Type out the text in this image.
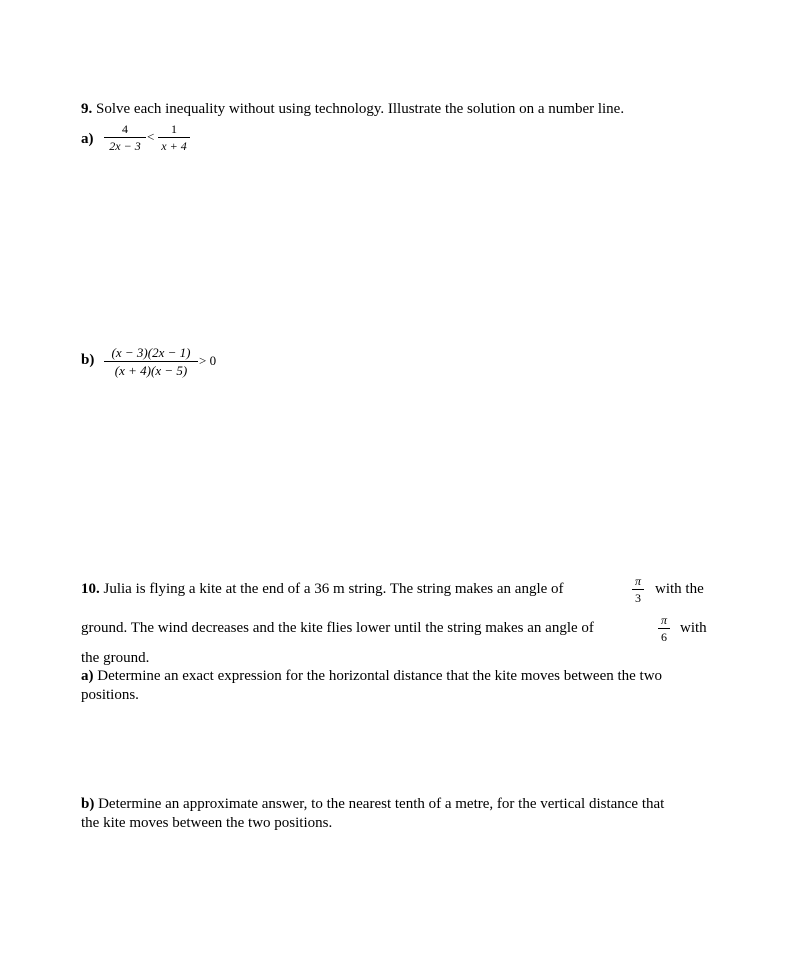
9. Solve each inequality without using technology. Illustrate the solution on a number line.
a)
4
2x − 3
<	1
x + 4
b)	(x − 3)(2x − 1)
(x + 4)(x − 5)
> 0
10. Julia is flying a kite at the end of a 36 m string. The string makes an angle of	π
3
with the
ground. The wind decreases and the kite flies lower until the string makes an angle of	π
6
with
the ground.
a) Determine an exact expression for the horizontal distance that the kite moves between the two
positions.
b) Determine an approximate answer, to the nearest tenth of a metre, for the vertical distance that
the kite moves between the two positions.
